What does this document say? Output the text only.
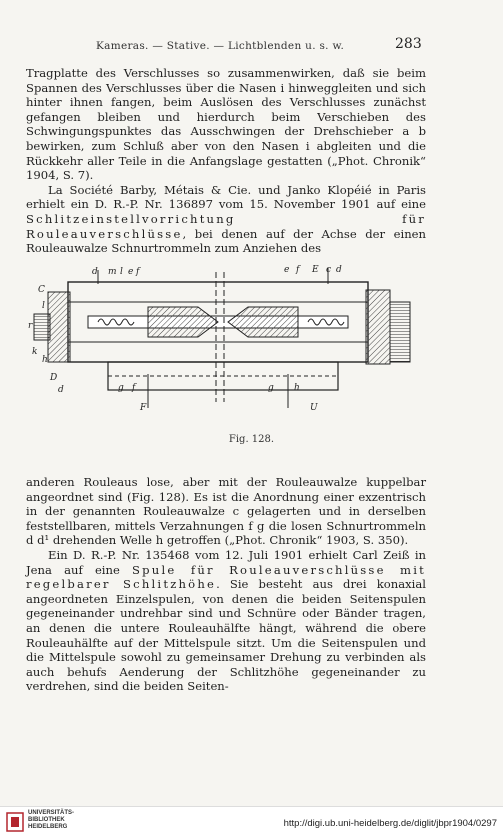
Kameras. — Stative. — Lichtblenden u. s. w.	283

Tragplatte des Verschlusses so zusammenwirken, daß sie beim Spannen des Verschlusses über die Nasen i hinweggleiten und sich hinter ihnen fangen, beim Auslösen des Verschlusses zunächst gefangen bleiben und hierdurch beim Verschieben des Schwingungspunktes das Ausschwingen der Drehschieber a b bewirken, zum Schluß aber von den Nasen i abgleiten und die Rückkehr aller Teile in die Anfangslage gestatten („Phot. Chronik“ 1904, S. 7).

La Société Barby, Métais & Cie. und Janko Klopéié in Paris erhielt ein D. R.-P. Nr. 136897 vom 15. November 1901 auf eine Schlitzeinstellvorrichtung für Rouleauverschlüsse, bei denen auf der Achse der einen Rouleauwalze Schnurtrommeln zum Anziehen des

d m l e f	e f E c d
C
l
r
k
h
D
d	g f
F
g h
U
Fig. 128.

anderen Rouleaus lose, aber mit der Rouleauwalze kuppelbar angeordnet sind (Fig. 128). Es ist die Anordnung einer exzentrisch in der genannten Rouleauwalze c gelagerten und in derselben feststellbaren, mittels Verzahnungen f g die losen Schnurtrommeln d d¹ drehenden Welle h getroffen („Phot. Chronik“ 1903, S. 350).

Ein D. R.-P. Nr. 135468 vom 12. Juli 1901 erhielt Carl Zeiß in Jena auf eine Spule für Rouleauverschlüsse mit regelbarer Schlitzhöhe. Sie besteht aus drei konaxial angeordneten Einzelspulen, von denen die beiden Seitenspulen gegeneinander undrehbar sind und Schnüre oder Bänder tragen, an denen die untere Rouleauhälfte hängt, während die obere Rouleauhälfte auf der Mittelspule sitzt. Um die Seitenspulen und die Mittelspule sowohl zu gemeinsamer Drehung zu verbinden als auch behufs Aenderung der Schlitzhöhe gegeneinander zu verdrehen, sind die beiden Seiten-

UNIVERSITÄTS-
BIBLIOTHEK
HEIDELBERG	http://digi.ub.uni-heidelberg.de/diglit/jbpr1904/0297
